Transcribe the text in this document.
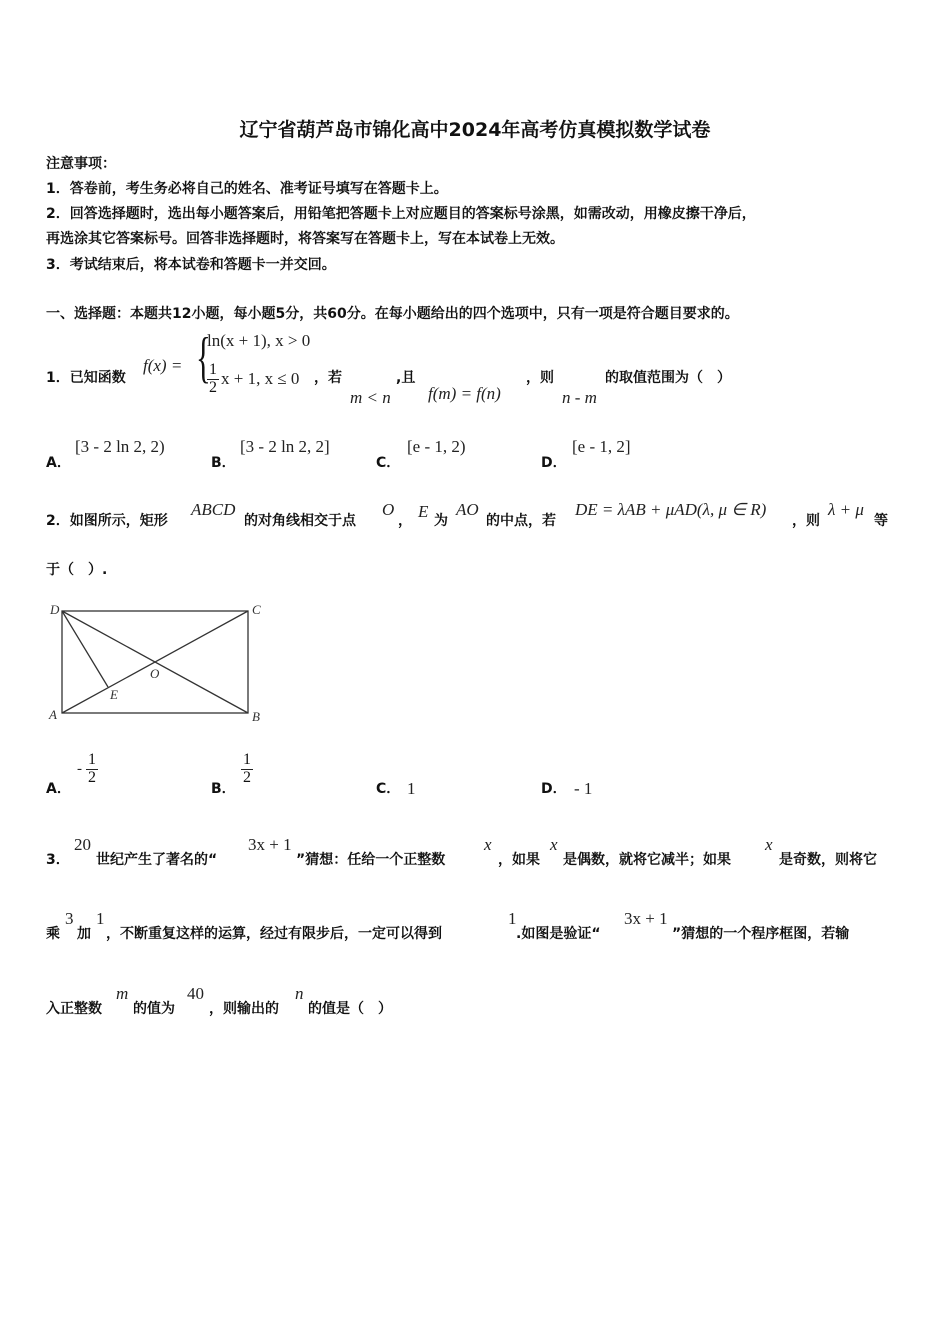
辽宁省葫芦岛市锦化高中2024年高考仿真模拟数学试卷
注意事项：
1．答卷前，考生务必将自己的姓名、准考证号填写在答题卡上。
2．回答选择题时，选出每小题答案后，用铅笔把答题卡上对应题目的答案标号涂黑，如需改动，用橡皮擦干净后，
再选涂其它答案标号。回答非选择题时，将答案写在答题卡上，写在本试卷上无效。
3．考试结束后，将本试卷和答题卡一并交回。
一、选择题：本题共12小题，每小题5分，共60分。在每小题给出的四个选项中，只有一项是符合题目要求的。
1．已知函数
f(x) = {
ln(x + 1), x > 0
$\frac{1}{2}$ x + 1, x ≤ 0 ，若
m < n
,且
f(m) = f(n)
，则
n - m
的取值范围为（　）
A．
[3 - 2 ln 2, 2)
B．
[3 - 2 ln 2, 2]
C．
[e - 1, 2)
D．
[e - 1, 2]
2．如图所示，矩形
ABCD
的对角线相交于点
O
， E 为
AO
的中点，若
DE = λAB + μAD(λ, μ ∈ R)
，则
λ + μ
等
于（　）.
D	C
A	B
O
E
A．
- $\frac{1}{2}$
B．
$\frac{1}{2}$
C． 1	D． - 1
3．
20
世纪产生了著名的“
3x + 1
”猜想：任给一个正整数
x
，如果
x
是偶数，就将它减半；如果
x
是奇数，则将它
乘
3
加
1
，不断重复这样的运算，经过有限步后，一定可以得到
1
.如图是验证“
3x + 1
”猜想的一个程序框图，若输
入正整数
m
的值为
40
，则输出的
n
的值是（　）
